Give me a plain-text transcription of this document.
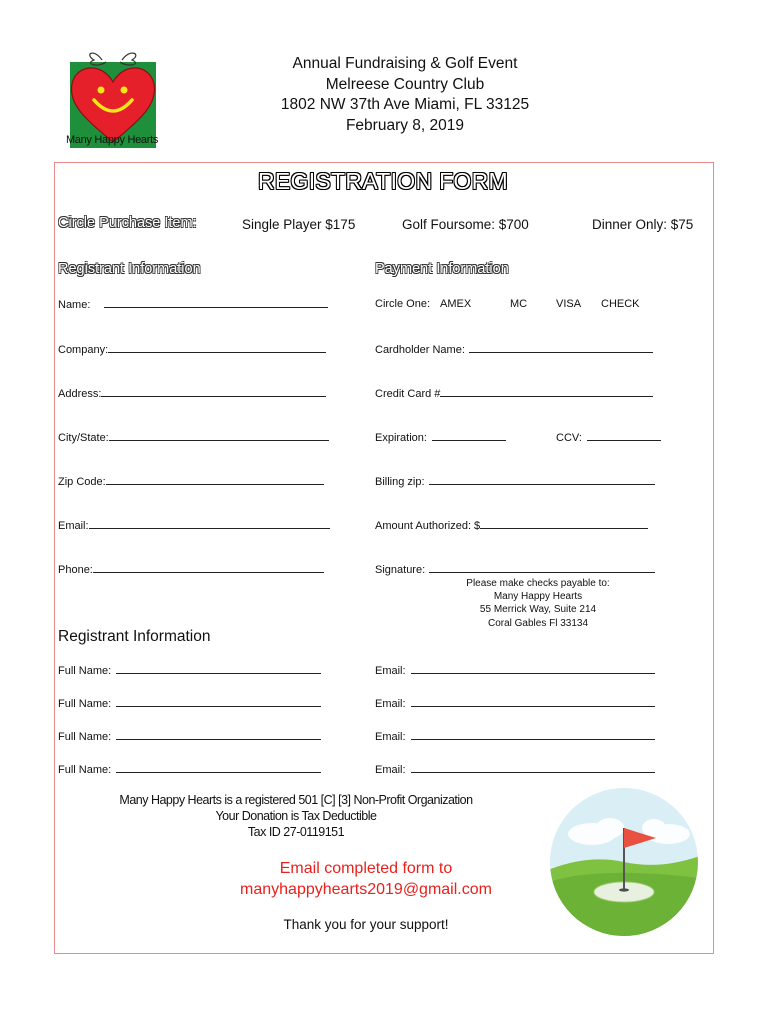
Many Happy Hearts
Annual Fundraising & Golf Event
Melreese Country Club
1802 NW 37th Ave Miami, FL 33125
February 8, 2019
REGISTRATION FORM
Circle Purchase Item:	Single Player $175	Golf Foursome: $700	Dinner Only: $75
Registrant Information	Payment Information
Name:
Company:
Address:
City/State:
Zip Code:
Email:
Phone:
Circle One: AMEX	MC	VISA CHECK
Cardholder Name:
Credit Card #
Expiration:	CCV:
Billing zip:
Amount Authorized: $
Signature:
Please make checks payable to:
Many Happy Hearts
55 Merrick Way, Suite 214
Coral Gables Fl 33134
Registrant Information
Full Name:	Email:
Full Name:	Email:
Full Name:	Email:
Full Name:	Email:
Many Happy Hearts is a registered 501 [C] [3] Non-Profit Organization
Your Donation is Tax Deductible
Tax ID 27-0119151
Email completed form to
manyhappyhearts2019@gmail.com
Thank you for your support!
